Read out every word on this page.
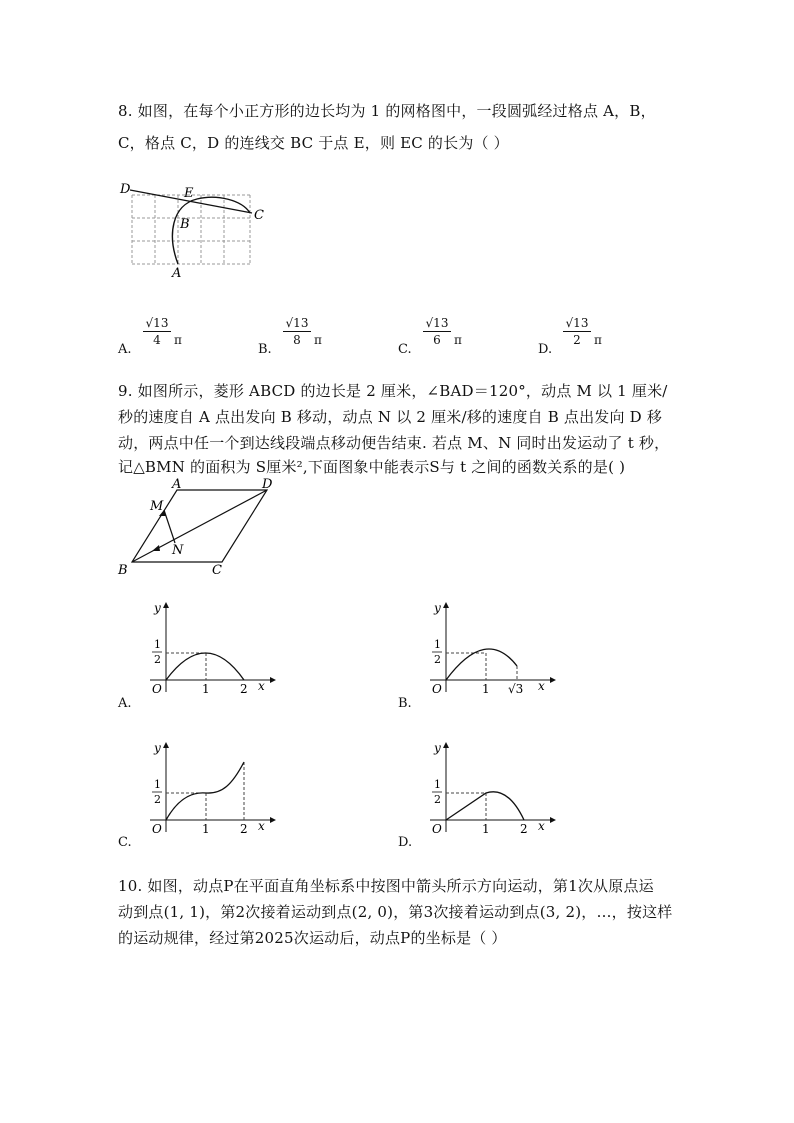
8. 如图，在每个小正方形的边长均为 1 的网格图中，一段圆弧经过格点 A，B，
C，格点 C，D 的连线交 BC 于点 E，则 EC 的长为（ ）
D	E
B
C
A
A.
√13
4	π
B.
√13
8	π
C.
√13
6	π
D.
√13
2	π
9. 如图所示，菱形 ABCD 的边长是 2 厘米，∠BAD＝120°，动点 M 以 1 厘米/
秒的速度自 A 点出发向 B 移动，动点 N 以 2 厘米/移的速度自 B 点出发向 D 移
动，两点中任一个到达线段端点移动便告结束. 若点 M、N 同时出发运动了 t 秒，
记△BMN 的面积为 S厘米²,下面图象中能表示S与 t 之间的函数关系的是( )
A	D
M
N
B	C
y
x
O
1
2
1	2
A.
y
x
O
1
2
1 √3
B.
y
x
O
1
2
1	2
C.
y
x
O
1
2
1	2
D.
10. 如图，动点P在平面直角坐标系中按图中箭头所示方向运动，第1次从原点运
动到点(1, 1)，第2次接着运动到点(2, 0)，第3次接着运动到点(3, 2)，…，按这样
的运动规律，经过第2025次运动后，动点P的坐标是（ ）
